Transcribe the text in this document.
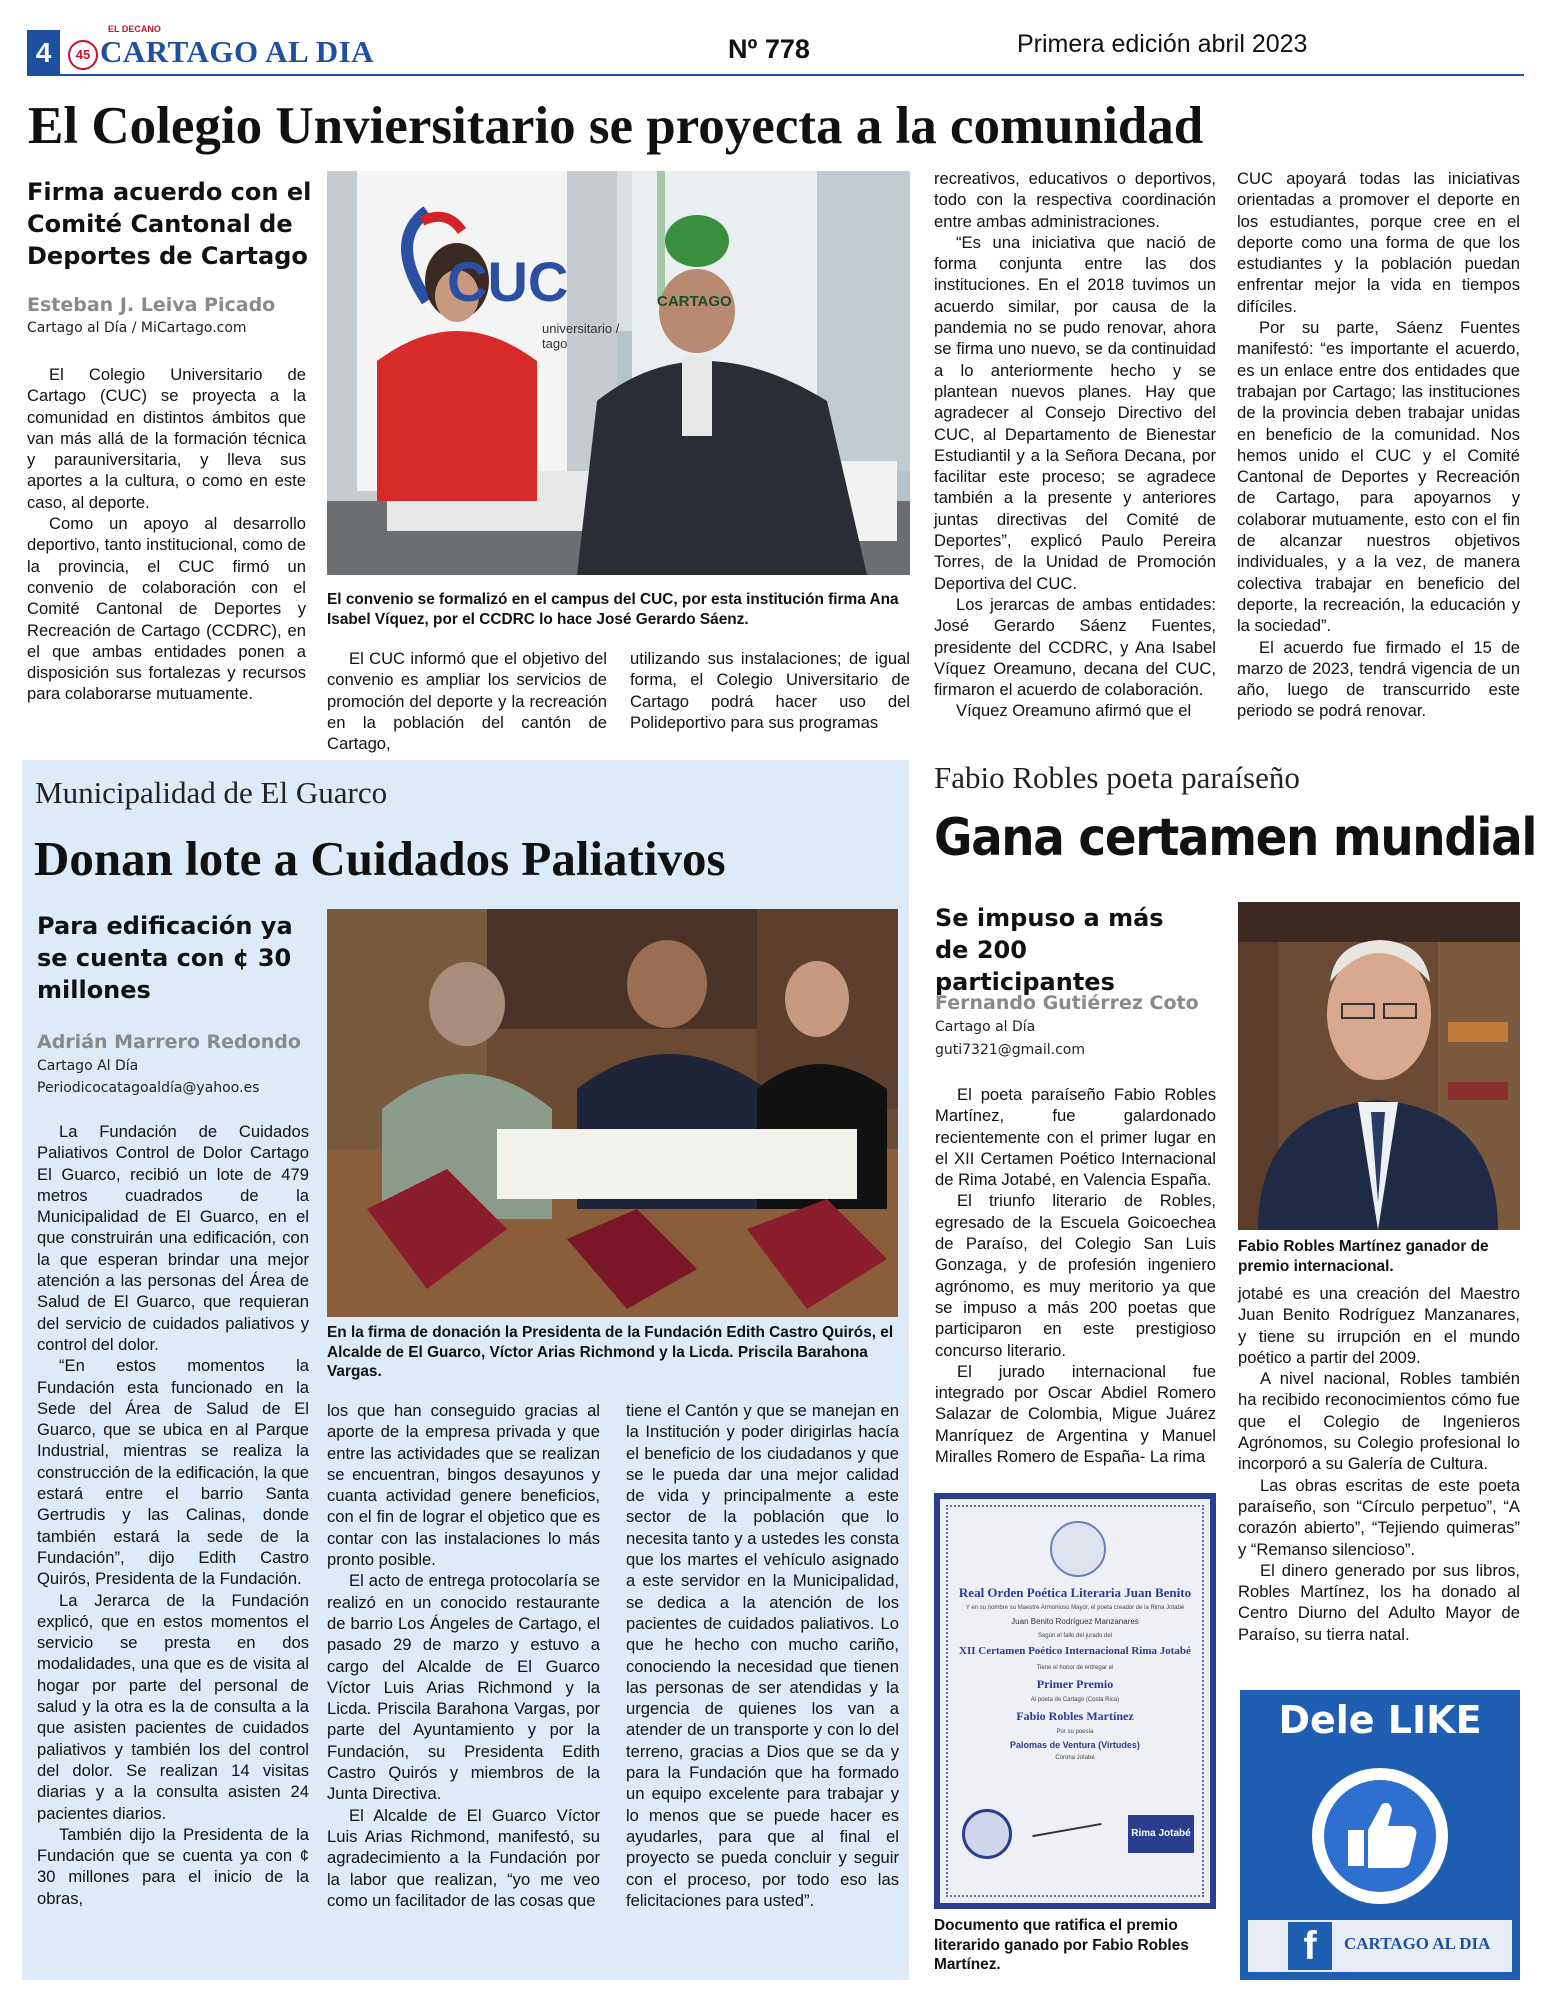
4
EL DECANO
45 CARTAGO AL DIA	Nº 778	Primera edición abril 2023
El Colegio Unviersitario se proyecta a la comunidad
Firma acuerdo con el Comité Cantonal de Deportes de Cartago
Esteban J. Leiva Picado
Cartago al Día / MiCartago.com

El Colegio Universitario de Cartago (CUC) se proyecta a la comunidad en distintos ámbitos que van más allá de la formación técnica y parauniversitaria, y lleva sus aportes a la cultura, o como en este caso, al deporte.

Como un apoyo al desarrollo deportivo, tanto institucional, como de la provincia, el CUC firmó un convenio de colaboración con el Comité Cantonal de Deportes y Recreación de Cartago (CCDRC), en el que ambas entidades ponen a disposición sus fortalezas y recursos para colaborarse mutuamente.

CUC	CARTAGO
universitario / tago
El convenio se formalizó en el campus del CUC, por esta institución firma Ana Isabel Víquez, por el CCDRC lo hace José Gerardo Sáenz.

El CUC informó que el objetivo del convenio es ampliar los servicios de promoción del deporte y la recreación en la población del cantón de Cartago,

utilizando sus instalaciones; de igual forma, el Colegio Universitario de Cartago podrá hacer uso del Polideportivo para sus programas

recreativos, educativos o deportivos, todo con la respectiva coordinación entre ambas administraciones.

“Es una iniciativa que nació de forma conjunta entre las dos instituciones. En el 2018 tuvimos un acuerdo similar, por causa de la pandemia no se pudo renovar, ahora se firma uno nuevo, se da continuidad a lo anteriormente hecho y se plantean nuevos planes. Hay que agradecer al Consejo Directivo del CUC, al Departamento de Bienestar Estudiantil y a la Señora Decana, por facilitar este proceso; se agradece también a la presente y anteriores juntas directivas del Comité de Deportes”, explicó Paulo Pereira Torres, de la Unidad de Promoción Deportiva del CUC.

Los jerarcas de ambas entidades: José Gerardo Sáenz Fuentes, presidente del CCDRC, y Ana Isabel Víquez Oreamuno, decana del CUC, firmaron el acuerdo de colaboración.

Víquez Oreamuno afirmó que el

CUC apoyará todas las iniciativas orientadas a promover el deporte en los estudiantes, porque cree en el deporte como una forma de que los estudiantes y la población puedan enfrentar mejor la vida en tiempos difíciles.

Por su parte, Sáenz Fuentes manifestó: “es importante el acuerdo, es un enlace entre dos entidades que trabajan por Cartago; las instituciones de la provincia deben trabajar unidas en beneficio de la comunidad. Nos hemos unido el CUC y el Comité Cantonal de Deportes y Recreación de Cartago, para apoyarnos y colaborar mutuamente, esto con el fin de alcanzar nuestros objetivos individuales, y a la vez, de manera colectiva trabajar en beneficio del deporte, la recreación, la educación y la sociedad”.

El acuerdo fue firmado el 15 de marzo de 2023, tendrá vigencia de un año, luego de transcurrido este periodo se podrá renovar.

Municipalidad de El Guarco
Donan lote a Cuidados Paliativos
Para edificación ya se cuenta con ¢ 30 millones
Adrián Marrero Redondo
Cartago Al Día
Periodicocatagoaldía@yahoo.es

La Fundación de Cuidados Paliativos Control de Dolor Cartago El Guarco, recibió un lote de 479 metros cuadrados de la Municipalidad de El Guarco, en el que construirán una edificación, con la que esperan brindar una mejor atención a las personas del Área de Salud de El Guarco, que requieran del servicio de cuidados paliativos y control del dolor.

“En estos momentos la Fundación esta funcionado en la Sede del Área de Salud de El Guarco, que se ubica en al Parque Industrial, mientras se realiza la construcción de la edificación, la que estará entre el barrio Santa Gertrudis y las Calinas, donde también estará la sede de la Fundación”, dijo Edith Castro Quirós, Presidenta de la Fundación.

La Jerarca de la Fundación explicó, que en estos momentos el servicio se presta en dos modalidades, una que es de visita al hogar por parte del personal de salud y la otra es la de consulta a la que asisten pacientes de cuidados paliativos y también los del control del dolor. Se realizan 14 visitas diarias y a la consulta asisten 24 pacientes diarios.

También dijo la Presidenta de la Fundación que se cuenta ya con ¢ 30 millones para el inicio de la obras,

En la firma de donación la Presidenta de la Fundación Edith Castro Quirós, el Alcalde de El Guarco, Víctor Arias Richmond y la Licda. Priscila Barahona Vargas.

los que han conseguido gracias al aporte de la empresa privada y que entre las actividades que se realizan se encuentran, bingos desayunos y cuanta actividad genere beneficios, con el fin de lograr el objetico que es contar con las instalaciones lo más pronto posible.

El acto de entrega protocolaría se realizó en un conocido restaurante de barrio Los Ángeles de Cartago, el pasado 29 de marzo y estuvo a cargo del Alcalde de El Guarco Víctor Luis Arias Richmond y la Licda. Priscila Barahona Vargas, por parte del Ayuntamiento y por la Fundación, su Presidenta Edith Castro Quirós y miembros de la Junta Directiva.

El Alcalde de El Guarco Víctor Luis Arias Richmond, manifestó, su agradecimiento a la Fundación por la labor que realizan, “yo me veo como un facilitador de las cosas que

tiene el Cantón y que se manejan en la Institución y poder dirigirlas hacía el beneficio de los ciudadanos y que se le pueda dar una mejor calidad de vida y principalmente a este sector de la población que lo necesita tanto y a ustedes les consta que los martes el vehículo asignado a este servidor en la Municipalidad, se dedica a la atención de los pacientes de cuidados paliativos. Lo que he hecho con mucho cariño, conociendo la necesidad que tienen las personas de ser atendidas y la urgencia de quienes los van a atender de un transporte y con lo del terreno, gracias a Dios que se da y para la Fundación que ha formado un equipo excelente para trabajar y lo menos que se puede hacer es ayudarles, para que al final el proyecto se pueda concluir y seguir con el proceso, por todo eso las felicitaciones para usted”.

Fabio Robles poeta paraíseño
Gana certamen mundial
Se impuso a más de 200 participantes
Fernando Gutiérrez Coto
Cartago al Día
guti7321@gmail.com

El poeta paraíseño Fabio Robles Martínez, fue galardonado recientemente con el primer lugar en el XII Certamen Poético Internacional de Rima Jotabé, en Valencia España.

El triunfo literario de Robles, egresado de la Escuela Goicoechea de Paraíso, del Colegio San Luis Gonzaga, y de profesión ingeniero agrónomo, es muy meritorio ya que se impuso a más 200 poetas que participaron en este prestigioso concurso literario.

El jurado internacional fue integrado por Oscar Abdiel Romero Salazar de Colombia, Migue Juárez Manríquez de Argentina y Manuel Miralles Romero de España- La rima

Fabio Robles Martínez ganador de premio internacional.

jotabé es una creación del Maestro Juan Benito Rodríguez Manzanares, y tiene su irrupción en el mundo poético a partir del 2009.

A nivel nacional, Robles también ha recibido reconocimientos cómo fue que el Colegio de Ingenieros Agrónomos, su Colegio profesional lo incorporó a su Galería de Cultura.

Las obras escritas de este poeta paraíseño, son “Círculo perpetuo”, “A corazón abierto”, “Tejiendo quimeras” y “Remanso silencioso”.

El dinero generado por sus libros, Robles Martínez, los ha donado al Centro Diurno del Adulto Mayor de Paraíso, su tierra natal.

Real Orden Poética Literaria Juan Benito
Y en su nombre su Maestre Armonioso Mayor, el poeta creador de la Rima Jotabé
Juan Benito Rodríguez Manzanares
Según el fallo del jurado del
XII Certamen Poético Internacional Rima Jotabé
Tiene el honor de entregar el
Primer Premio
Al poeta de Cartago (Costa Rica)
Fabio Robles Martínez
Por su poesía
Palomas de Ventura (Virtudes)
Corona Jotabé
Rima Jotabé
Documento que ratifica el premio literarido ganado por Fabio Robles Martínez.
Dele LIKE
f	CARTAGO AL DIA
